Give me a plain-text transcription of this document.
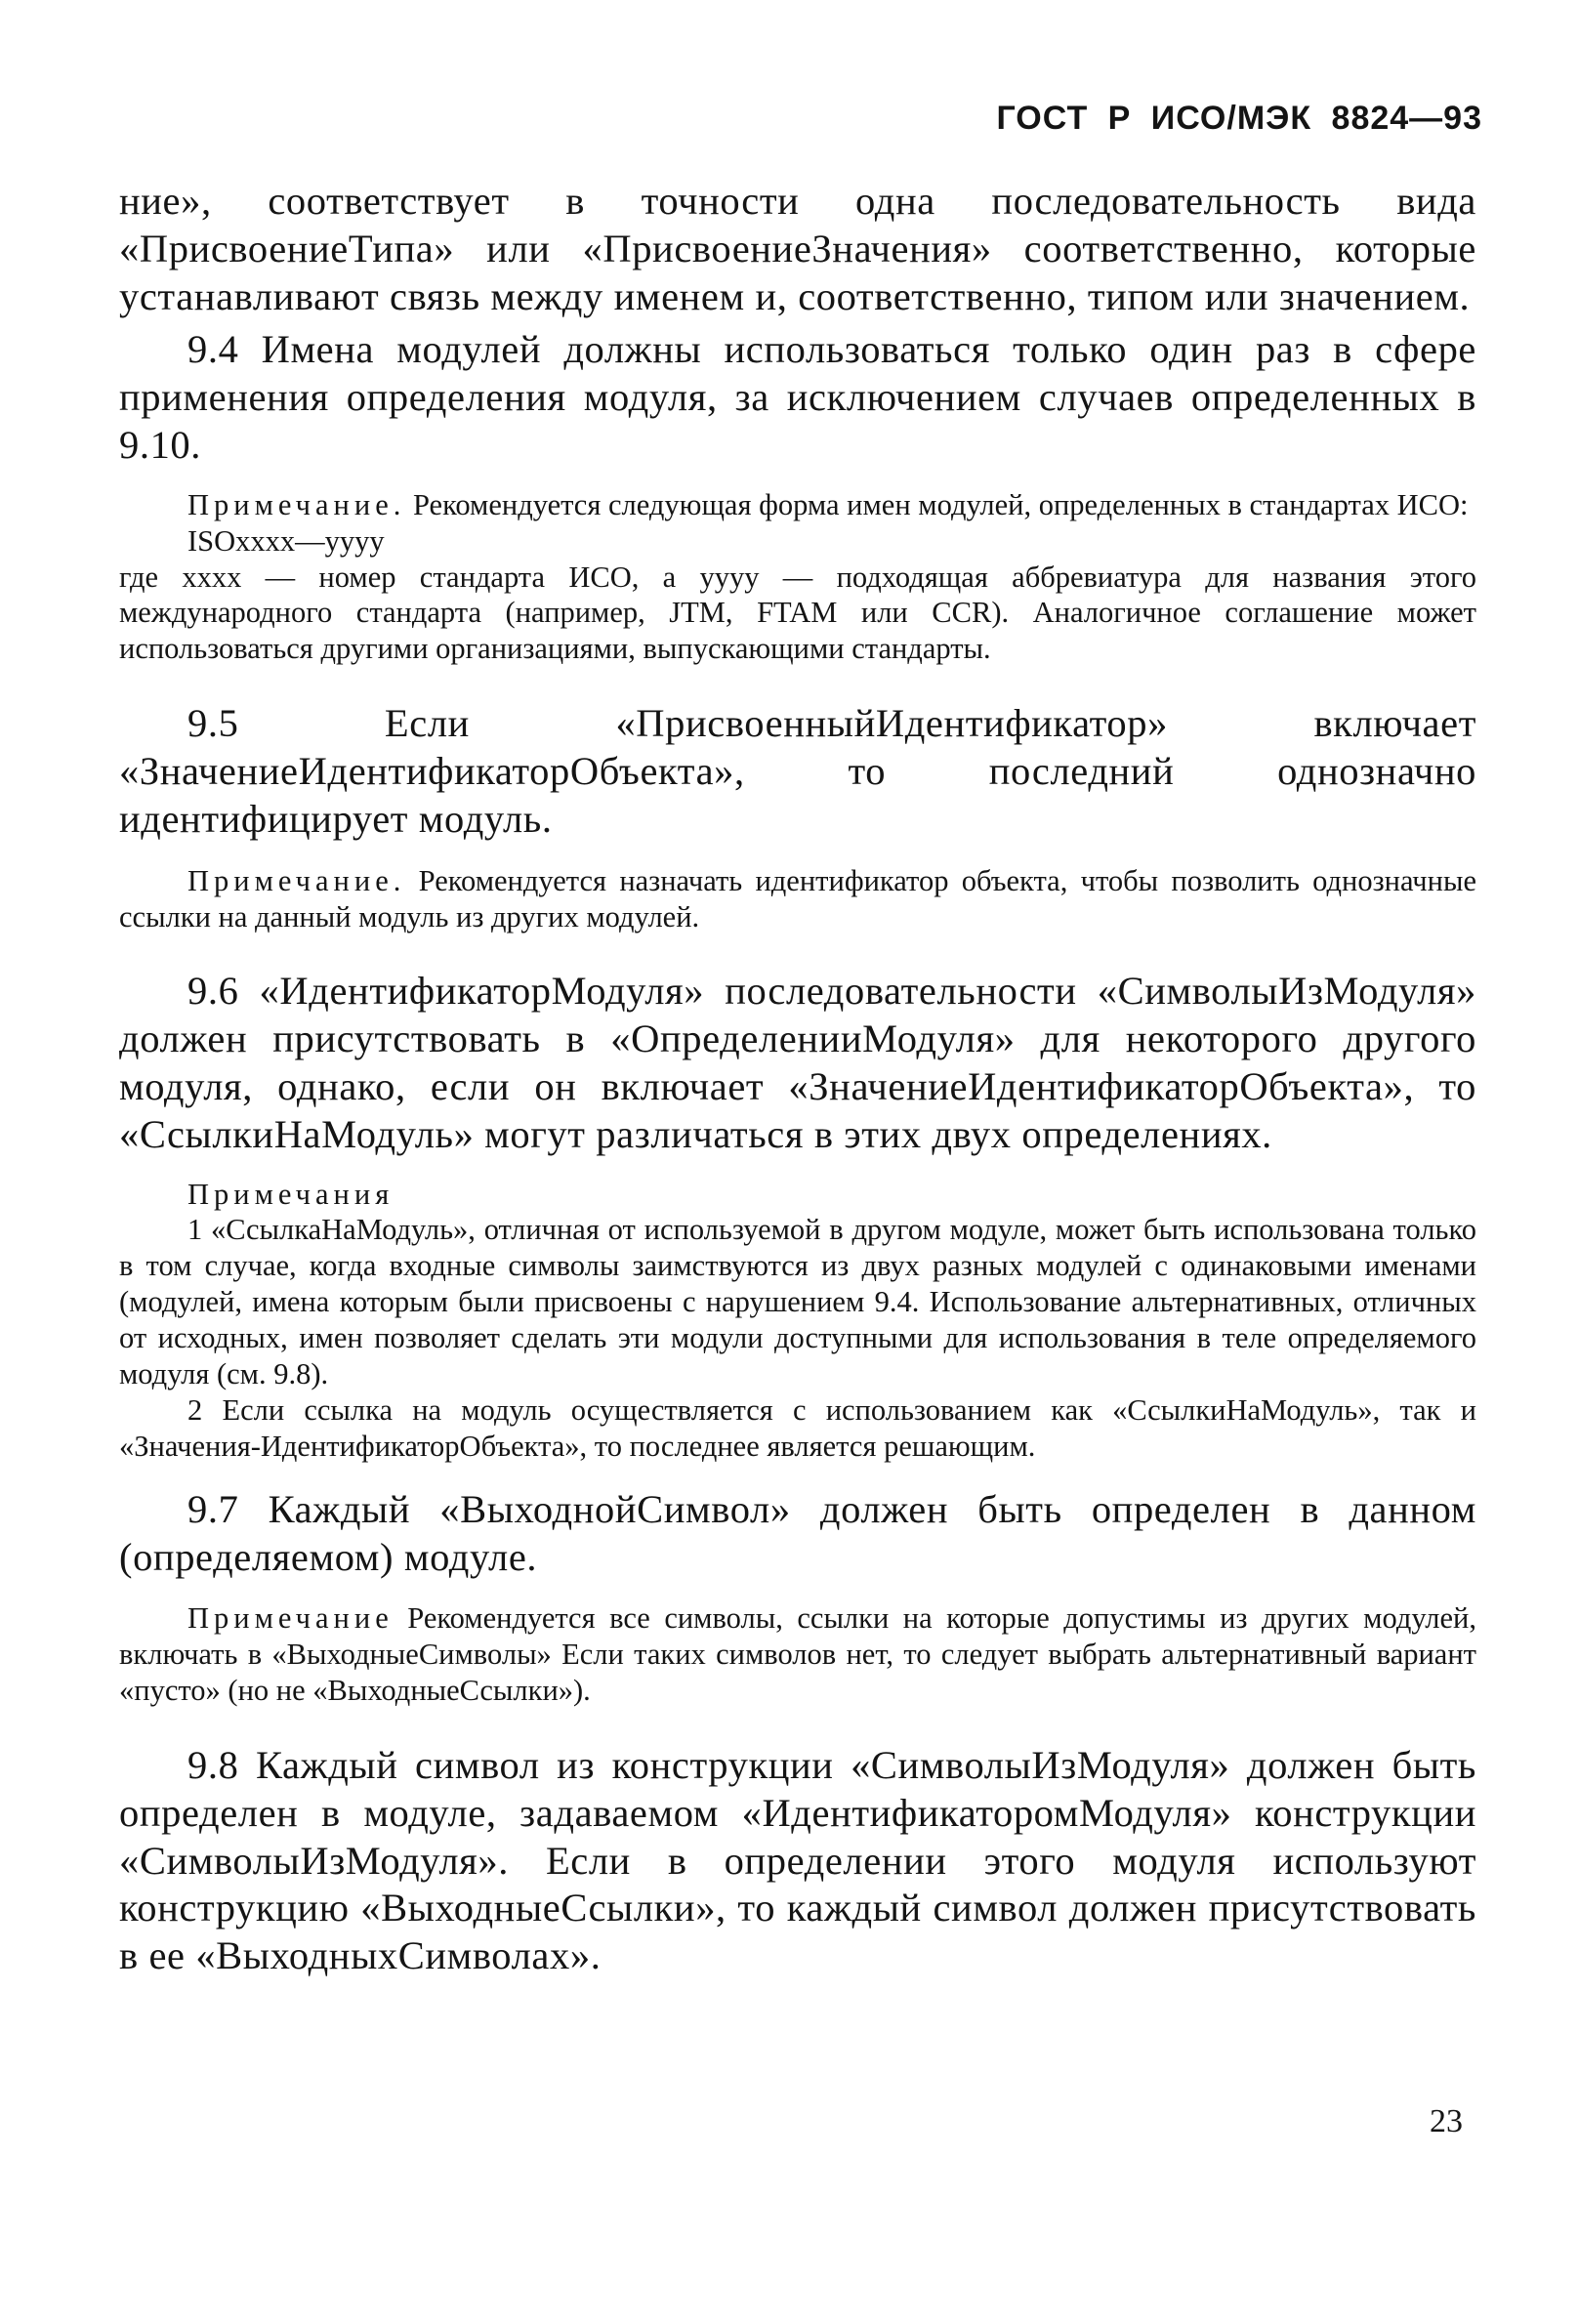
ГОСТ Р ИСО/МЭК 8824—93

ние», соответствует в точности одна последовательность вида «ПрисвоениеТипа» или «ПрисвоениеЗначения» соответственно, которые устанавливают связь между именем и, соответственно, типом или значением.

9.4 Имена модулей должны использоваться только один раз в сфере применения определения модуля, за исключением случаев определенных в 9.10.

Примечание. Рекомендуется следующая форма имен модулей, определенных в стандартах ИСО:

ISOxxxx—yyyy

где xxxx — номер стандарта ИСО, а yyyy — подходящая аббревиатура для названия этого международного стандарта (например, JTM, FTAM или CCR). Аналогичное соглашение может использоваться другими организациями, выпускающими стандарты.

9.5 Если «ПрисвоенныйИдентификатор» включает «ЗначениеИдентификаторОбъекта», то последний однозначно идентифицирует модуль.

Примечание. Рекомендуется назначать идентификатор объекта, чтобы позволить однозначные ссылки на данный модуль из других модулей.

9.6 «ИдентификаторМодуля» последовательности «СимволыИзМодуля» должен присутствовать в «ОпределенииМодуля» для некоторого другого модуля, однако, если он включает «ЗначениеИдентификаторОбъекта», то «СсылкиНаМодуль» могут различаться в этих двух определениях.

Примечания

1 «СсылкаНаМодуль», отличная от используемой в другом модуле, может быть использована только в том случае, когда входные символы заимствуются из двух разных модулей с одинаковыми именами (модулей, имена которым были присвоены с нарушением 9.4. Использование альтернативных, отличных от исходных, имен позволяет сделать эти модули доступными для использования в теле определяемого модуля (см. 9.8).

2 Если ссылка на модуль осуществляется с использованием как «СсылкиНаМодуль», так и «Значения-ИдентификаторОбъекта», то последнее является решающим.

9.7 Каждый «ВыходнойСимвол» должен быть определен в данном (определяемом) модуле.

Примечание Рекомендуется все символы, ссылки на которые допустимы из других модулей, включать в «ВыходныеСимволы» Если таких символов нет, то следует выбрать альтернативный вариант «пусто» (но не «ВыходныеСсылки»).

9.8 Каждый символ из конструкции «СимволыИзМодуля» должен быть определен в модуле, задаваемом «ИдентификаторомМодуля» конструкции «СимволыИзМодуля». Если в определении этого модуля используют конструкцию «ВыходныеСсылки», то каждый символ должен присутствовать в ее «ВыходныхСимволах».

23
